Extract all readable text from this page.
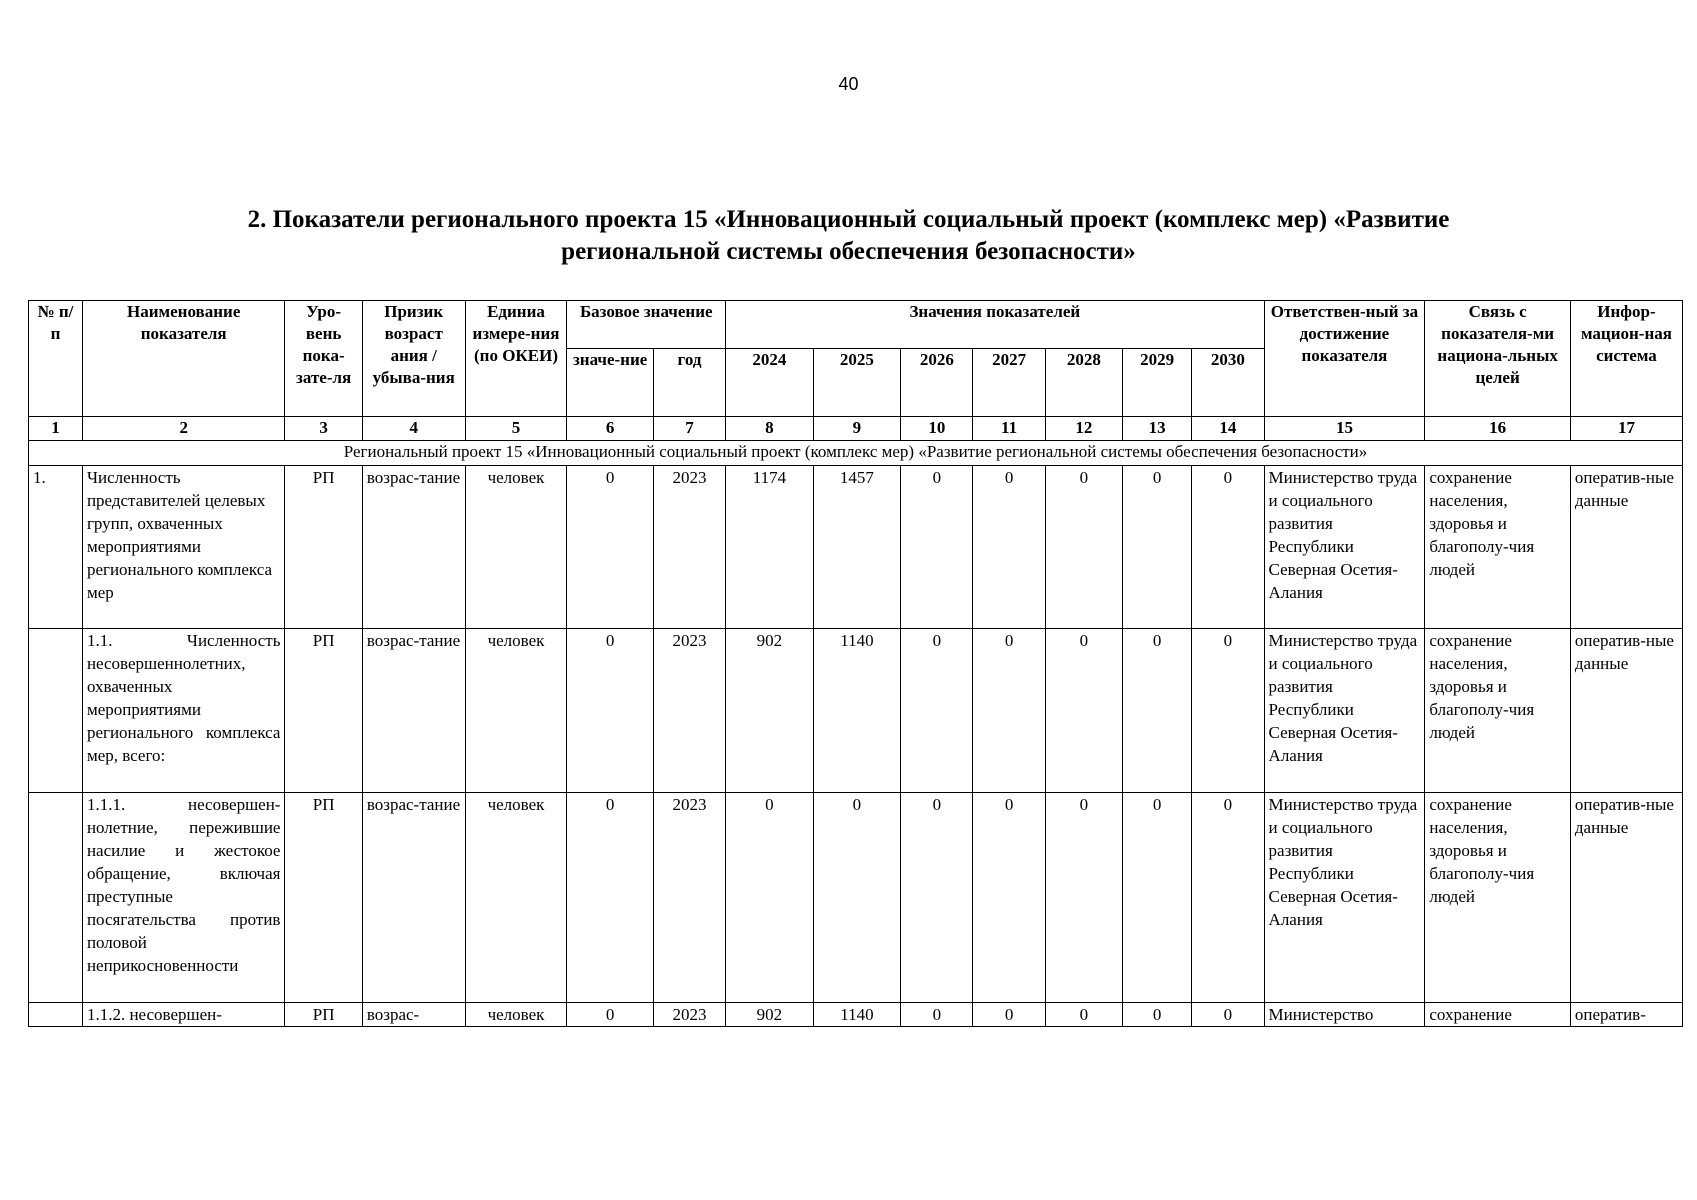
40
2. Показатели регионального проекта 15 «Инновационный социальный проект (комплекс мер) «Развитие
региональной системы обеспечения безопасности»
№ п/п	Наименование показателя	Уро-вень пока-зате-ля	Призик возраст ания / убыва-ния	Единиа измере-ния (по ОКЕИ)	Базовое значение		Значения показателей							Ответствен-ный за достижение показателя	Связь с показателя-ми национа-льных целей	Инфор-мацион-ная система
					значе-ние	год	2024	2025	2026	2027	2028	2029	2030			
1	2	3	4	5	6	7	8	9	10	11	12	13	14	15	16	17
Региональный проект 15 «Инновационный социальный проект (комплекс мер) «Развитие региональной системы обеспечения безопасности»																
1.	Численность представителей целевых групп, охваченных мероприятиями регионального комплекса мер	РП	возрас-тание	человек	0	2023	1174	1457	0	0	0	0	0	Министерство труда и социального развития Республики Северная Осетия-Алания	сохранение населения, здоровья и благополу-чия людей	оператив-ные данные
	1.1. Численность несовершеннолетних, охваченных мероприятиями регионального комплекса мер, всего:	РП	возрас-тание	человек	0	2023	902	1140	0	0	0	0	0	Министерство труда и социального развития Республики Северная Осетия-Алания	сохранение населения, здоровья и благополу-чия людей	оператив-ные данные
	1.1.1. несовершен-нолетние, пережившие насилие и жестокое обращение, включая преступные посягательства против половой неприкосновенности	РП	возрас-тание	человек	0	2023	0	0	0	0	0	0	0	Министерство труда и социального развития Республики Северная Осетия-Алания	сохранение населения, здоровья и благополу-чия людей	оператив-ные данные
	1.1.2. несовершен-	РП	возрас-	человек	0	2023	902	1140	0	0	0	0	0	Министерство	сохранение	оператив-
